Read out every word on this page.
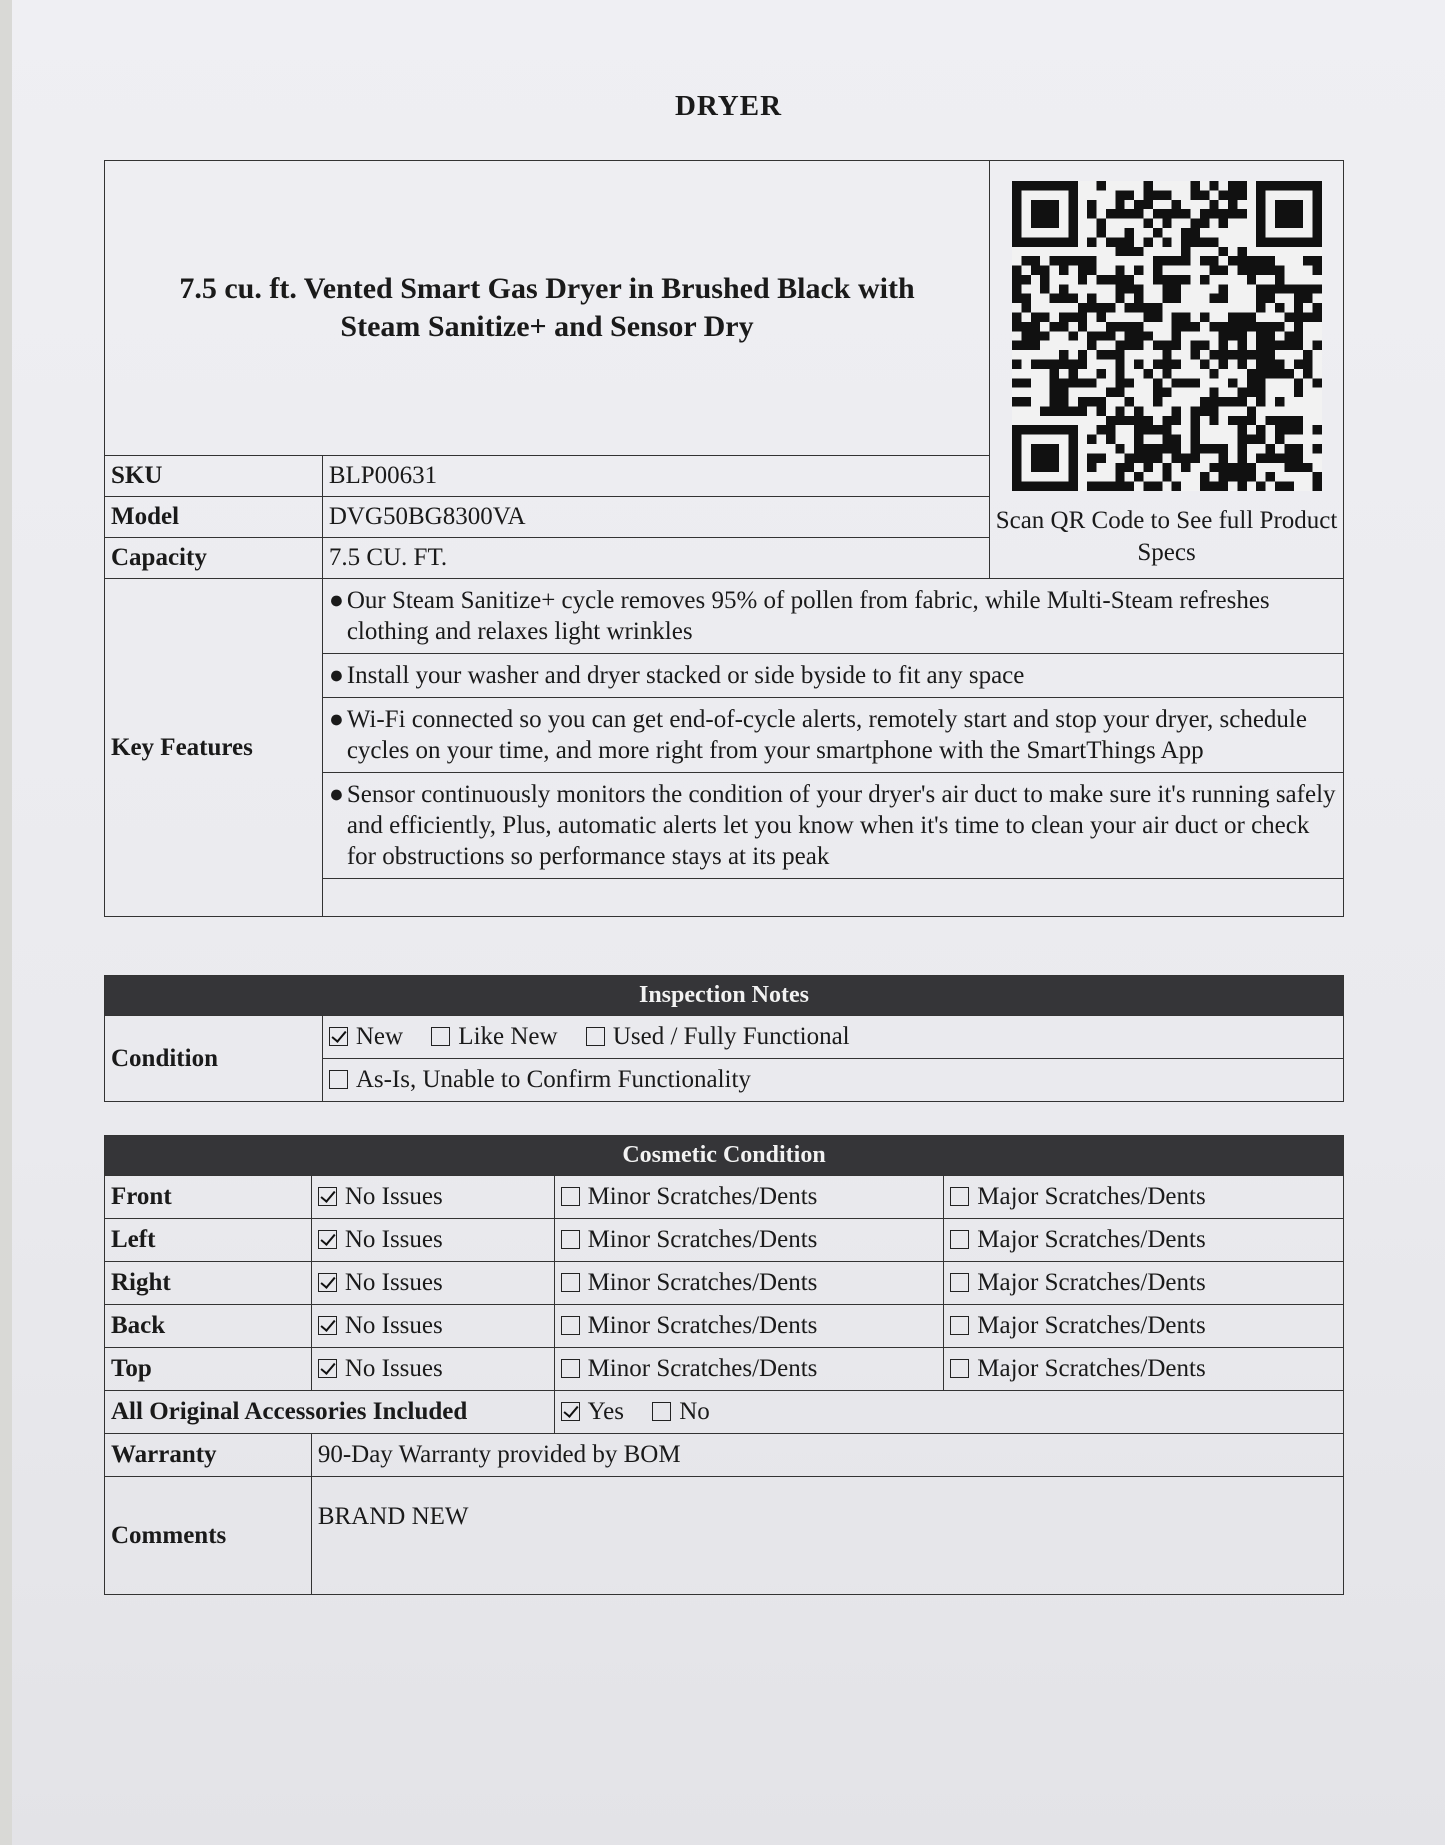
DRYER
7.5 cu. ft. Vented Smart Gas Dryer in Brushed Black with Steam Sanitize+ and Sensor Dry		Scan QR Code to See full Product Specs

SKU	BLP00631	
Model	DVG50BG8300VA	
Capacity	7.5 CU. FT.	
Key Features	● Our Steam Sanitize+ cycle removes 95% of pollen from fabric, while Multi-Steam refreshes clothing and relaxes light wrinkles	
	● Install your washer and dryer stacked or side byside to fit any space	
	● Wi-Fi connected so you can get end-of-cycle alerts, remotely start and stop your dryer, schedule cycles on your time, and more right from your smartphone with the SmartThings App	
	● Sensor continuously monitors the condition of your dryer's air duct to make sure it's running safely and efficiently, Plus, automatic alerts let you know when it's time to clean your air duct or check for obstructions so performance stays at its peak	

Inspection Notes
Condition	New Like New Used / Fully Functional
As-Is, Unable to Confirm Functionality
Cosmetic Condition			
Front	No Issues	Minor Scratches/Dents	Major Scratches/Dents
Left	No Issues	Minor Scratches/Dents	Major Scratches/Dents
Right	No Issues	Minor Scratches/Dents	Major Scratches/Dents
Back	No Issues	Minor Scratches/Dents	Major Scratches/Dents
Top	No Issues	Minor Scratches/Dents	Major Scratches/Dents
All Original Accessories Included		Yes No	
Warranty	90-Day Warranty provided by BOM		
Comments	BRAND NEW		
